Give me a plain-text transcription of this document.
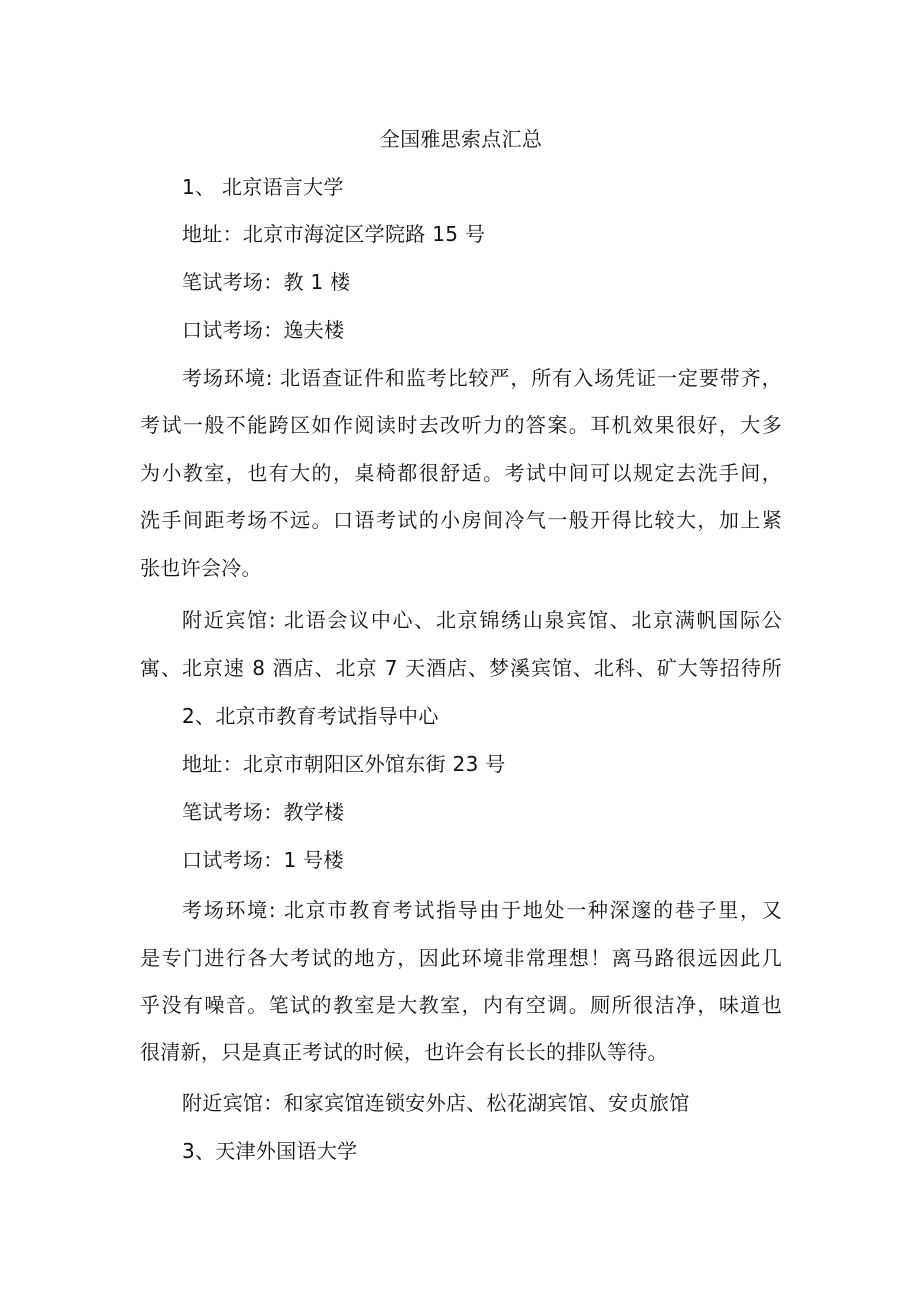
全国雅思索点汇总
1、 北京语言大学
地址：北京市海淀区学院路 15 号
笔试考场：教 1 楼
口试考场：逸夫楼
考场环境: 北语查证件和监考比较严，所有入场凭证一定要带齐，
考试一般不能跨区如作阅读时去改听力的答案。耳机效果很好，大多
为小教室，也有大的，桌椅都很舒适。考试中间可以规定去洗手间，
洗手间距考场不远。口语考试的小房间冷气一般开得比较大，加上紧
张也许会冷。
附近宾馆: 北语会议中心、北京锦绣山泉宾馆、北京满帆国际公
寓、北京速 8 酒店、北京 7 天酒店、梦溪宾馆、北科、矿大等招待所
2、北京市教育考试指导中心
地址：北京市朝阳区外馆东街 23 号
笔试考场：教学楼
口试考场：1 号楼
考场环境: 北京市教育考试指导由于地处一种深邃的巷子里，又
是专门进行各大考试的地方，因此环境非常理想！离马路很远因此几
乎没有噪音。笔试的教室是大教室，内有空调。厕所很洁净，味道也
很清新，只是真正考试的时候，也许会有长长的排队等待。
附近宾馆：和家宾馆连锁安外店、松花湖宾馆、安贞旅馆
3、天津外国语大学
